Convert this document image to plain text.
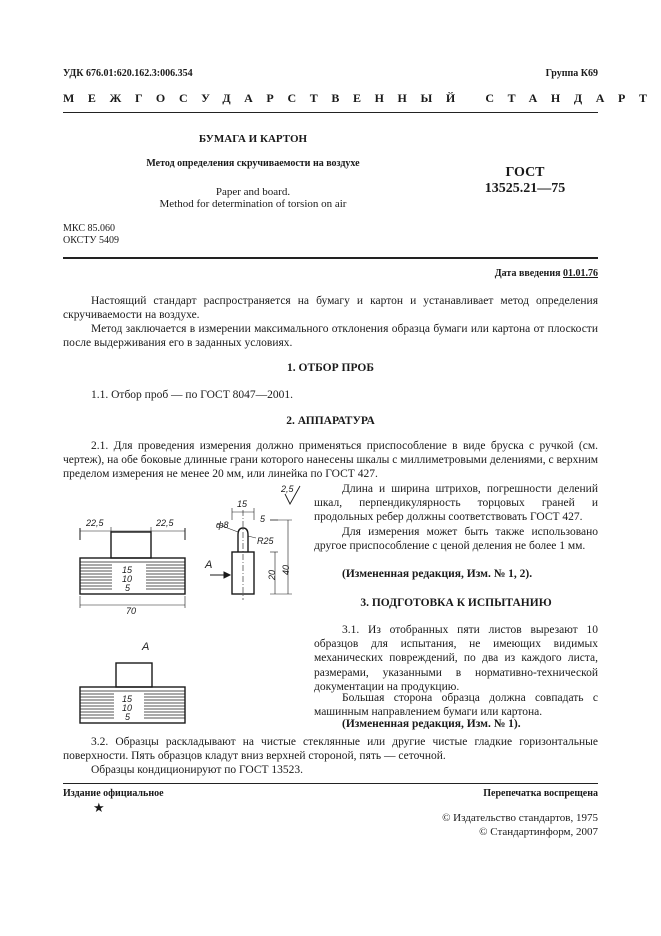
УДК 676.01:620.162.3:006.354	Группа К69
МЕЖГОСУДАРСТВЕННЫЙ СТАНДАРТ
БУМАГА И КАРТОН
Метод определения скручиваемости на воздухе
Paper and board.
Method for determination of torsion on air
ГОСТ
13525.21—75
МКС 85.060
ОКСТУ 5409
Дата введения 01.01.76

Настоящий стандарт распространяется на бумагу и картон и устанавливает метод определения скручиваемости на воздухе.

Метод заключается в измерении максимального отклонения образца бумаги или картона от плоскости после выдерживания его в заданных условиях.

1. ОТБОР ПРОБ

1.1. Отбор проб — по ГОСТ 8047—2001.

2. АППАРАТУРА

2.1. Для проведения измерения должно применяться приспособление в виде бруска с ручкой (см. чертеж), на обе боковые длинные грани которого нанесены шкалы с миллиметровыми делениями, с верхним пределом измерения не менее 20 мм, или линейка по ГОСТ 427.

Длина и ширина штрихов, погрешности делений шкал, перпендикулярность торцовых граней и продольных ребер должны соответствовать ГОСТ 427.

Для измерения может быть также использовано другое приспособление с ценой деления не более 1 мм.

(Измененная редакция, Изм. № 1, 2).
3. ПОДГОТОВКА К ИСПЫТАНИЮ

3.1. Из отобранных пяти листов вырезают 10 образцов для испытания, не имеющих видимых механических повреждений, по два из каждого листа, размерами, указанными в нормативно-технической документации на продукцию.

Большая сторона образца должна совпадать с машинным направлением бумаги или картона.

(Измененная редакция, Изм. № 1).

3.2. Образцы раскладывают на чистые стеклянные или другие чистые гладкие горизонтальные поверхности. Пять образцов кладут вниз верхней стороной, пять — сеточной.

Образцы кондиционируют по ГОСТ 13523.

22,5	22,5
15
10
5
70
А
15
5
ф8
R25
20 40
2,5
А
15
10
5
Издание официальное
★
Перепечатка воспрещена
© Издательство стандартов, 1975
© Стандартинформ, 2007
